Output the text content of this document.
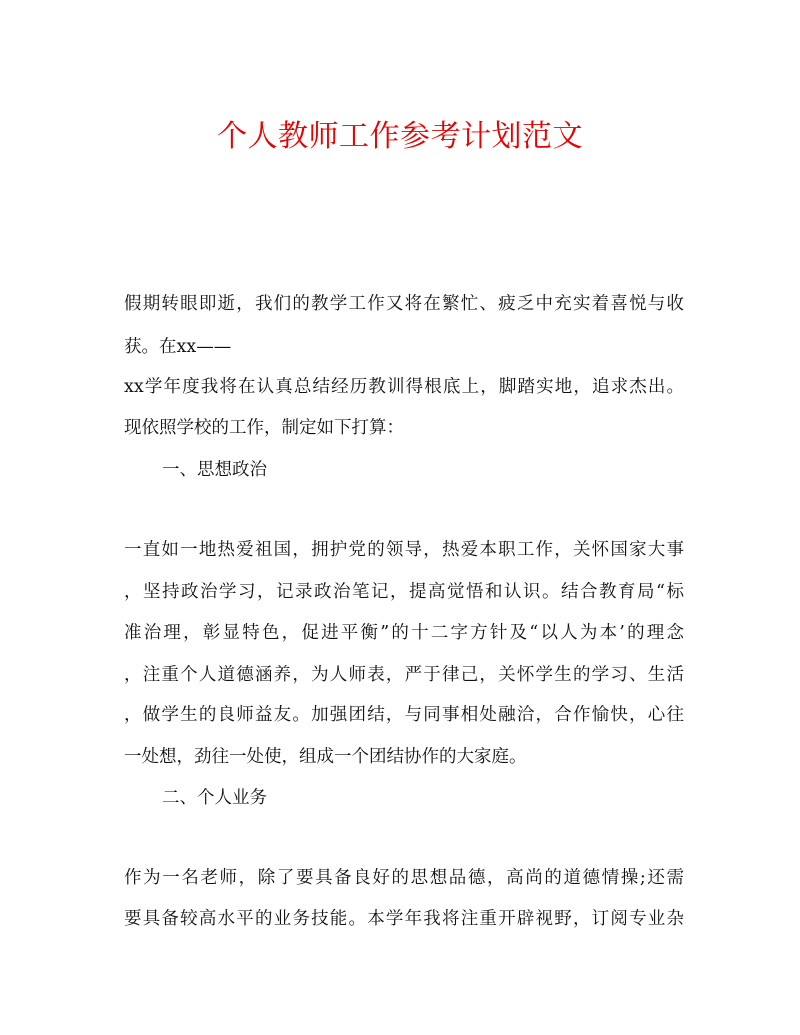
个人教师工作参考计划范文
假期转眼即逝，我们的教学工作又将在繁忙、疲乏中充实着喜悦与收
获。在xx——
xx学年度我将在认真总结经历教训得根底上，脚踏实地，追求杰出。
现依照学校的工作，制定如下打算：
一、思想政治
一直如一地热爱祖国，拥护党的领导，热爱本职工作，关怀国家大事
，坚持政治学习，记录政治笔记，提高觉悟和认识。结合教育局“标
准治理，彰显特色，促进平衡”的十二字方针及“以人为本’的理念
，注重个人道德涵养，为人师表，严于律己，关怀学生的学习、生活
，做学生的良师益友。加强团结，与同事相处融洽，合作愉快，心往
一处想，劲往一处使，组成一个团结协作的大家庭。
二、个人业务
作为一名老师，除了要具备良好的思想品德，高尚的道德情操;还需
要具备较高水平的业务技能。本学年我将注重开辟视野，订阅专业杂
